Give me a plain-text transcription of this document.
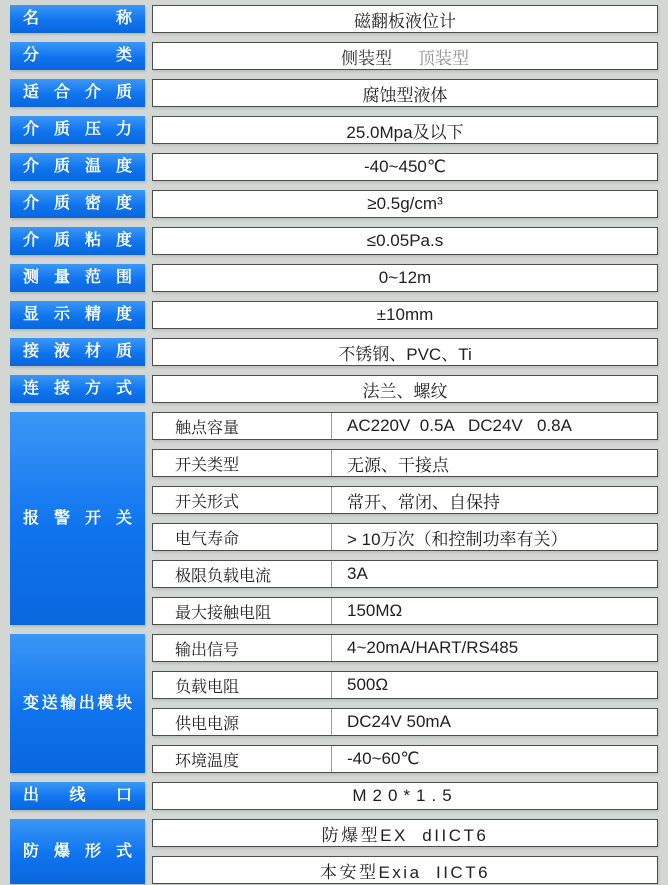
名称	磁翻板液位计
分类	侧装型 顶装型
适合介质	腐蚀型液体
介质压力	25.0Mpa及以下
介质温度	-40~450℃
介质密度	≥0.5g/cm³
介质粘度	≤0.05Pa.s
测量范围	0~12m
显示精度	±10mm
接液材质	不锈钢、PVC、Ti
连接方式	法兰、螺纹
报警开关
触点容量	AC220V  0.5A   DC24V   0.8A
开关类型	无源、干接点
开关形式	常开、常闭、自保持
电气寿命	> 10万次（和控制功率有关）
极限负载电流	3A
最大接触电阻	150MΩ
变送输出模块
输出信号	4~20mA/HART/RS485
负载电阻	500Ω
供电电源	DC24V 50mA
环境温度	-40~60℃
出线口	M20*1.5
防爆形式
防爆型EX  dIICT6
本安型Exia  IICT6
